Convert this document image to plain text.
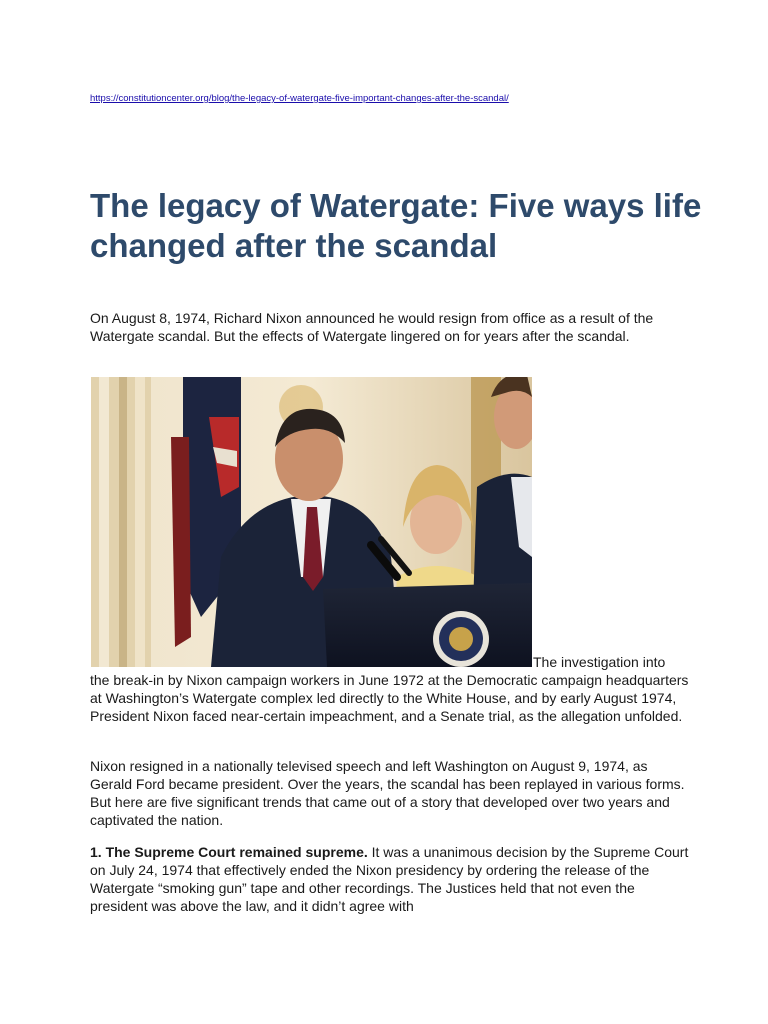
https://constitutioncenter.org/blog/the-legacy-of-watergate-five-important-changes-after-the-scandal/
The legacy of Watergate: Five ways life changed after the scandal

On August 8, 1974, Richard Nixon announced he would resign from office as a result of the Watergate scandal. But the effects of Watergate lingered on for years after the scandal.

The investigation into

the break-in by Nixon campaign workers in June 1972 at the Democratic campaign headquarters at Washington’s Watergate complex led directly to the White House, and by early August 1974, President Nixon faced near-certain impeachment, and a Senate trial, as the allegation unfolded.

Nixon resigned in a nationally televised speech and left Washington on August 9, 1974, as Gerald Ford became president. Over the years, the scandal has been replayed in various forms. But here are five significant trends that came out of a story that developed over two years and captivated the nation.

1. The Supreme Court remained supreme. It was a unanimous decision by the Supreme Court on July 24, 1974 that effectively ended the Nixon presidency by ordering the release of the Watergate “smoking gun” tape and other recordings. The Justices held that not even the president was above the law, and it didn’t agree with
